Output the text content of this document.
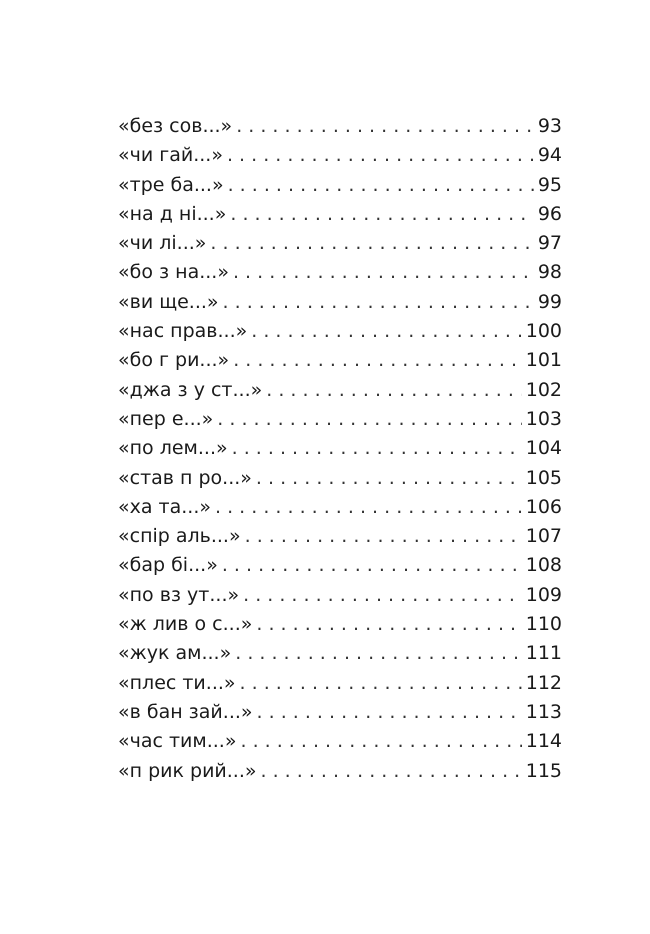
«без сов...» . . .	93
«чи гай...» . . .	94
«тре ба...» . . .	95
«на д ні...» . . .	96
«чи лі...» . . .	97
«бо з на...» . . .	98
«ви ще...» . . .	99
«нас прав...» . . .	100
«бо г ри...» . . .	101
«джа з у ст...» . . .	102
«пер е...» . . .	103
«по лем...» . . .	104
«став п ро...» . . .	105
«ха та...» . . .	106
«спір аль...» . . .	107
«бар бі...» . . .	108
«по вз ут...» . . .	109
«ж лив о с...» . . .	110
«жук ам...» . . .	111
«плес ти...» . . .	112
«в бан зай...» . . .	113
«час тим...» . . .	114
«п рик рий...» . . .	115
